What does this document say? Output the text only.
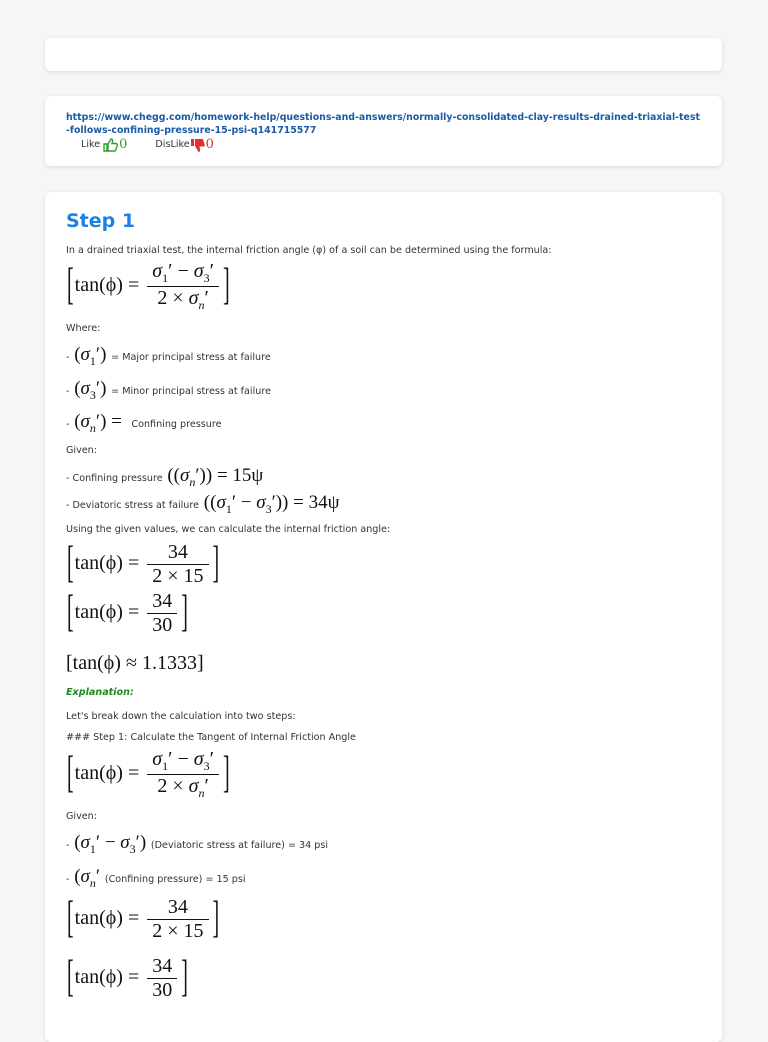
https://www.chegg.com/homework-help/questions-and-answers/normally-consolidated-clay-results-drained-triaxial-test-follows-confining-pressure-15-psi-q141715577
Like 0	DisLike 0
Step 1
In a drained triaxial test, the internal friction angle (φ) of a soil can be determined using the formula:
[$\tan(\phi) = \frac{\sigma_1' - \sigma_3'}{2 \times \sigma_n'}$ ]
Where:
- $(\sigma_1')$ = Major principal stress at failure
- $(\sigma_3')$ = Minor principal stress at failure
- $(\sigma_n')$ =  Confining pressure
Given:
- Confining pressure $((\sigma_n')) = 15\psi$
- Deviatoric stress at failure $((\sigma_1' - \sigma_3')) = 34\psi$
Using the given values, we can calculate the internal friction angle:
[$\tan(\phi) = \frac{34}{2 \times 15}$ ]
[$\tan(\phi) = \frac{34}{30}$ ]
[tan(ϕ) ≈ 1.1333]
Explanation:
Let's break down the calculation into two steps:
### Step 1: Calculate the Tangent of Internal Friction Angle
[$\tan(\phi) = \frac{\sigma_1' - \sigma_3'}{2 \times \sigma_n'}$ ]
Given:
- $(\sigma_1' - \sigma_3')$ (Deviatoric stress at failure) = 34 psi
- ($\sigma_n'$ (Confining pressure) = 15 psi
[$\tan(\phi) = \frac{34}{2 \times 15}$ ]
[$\tan(\phi) = \frac{34}{30}$ ]
